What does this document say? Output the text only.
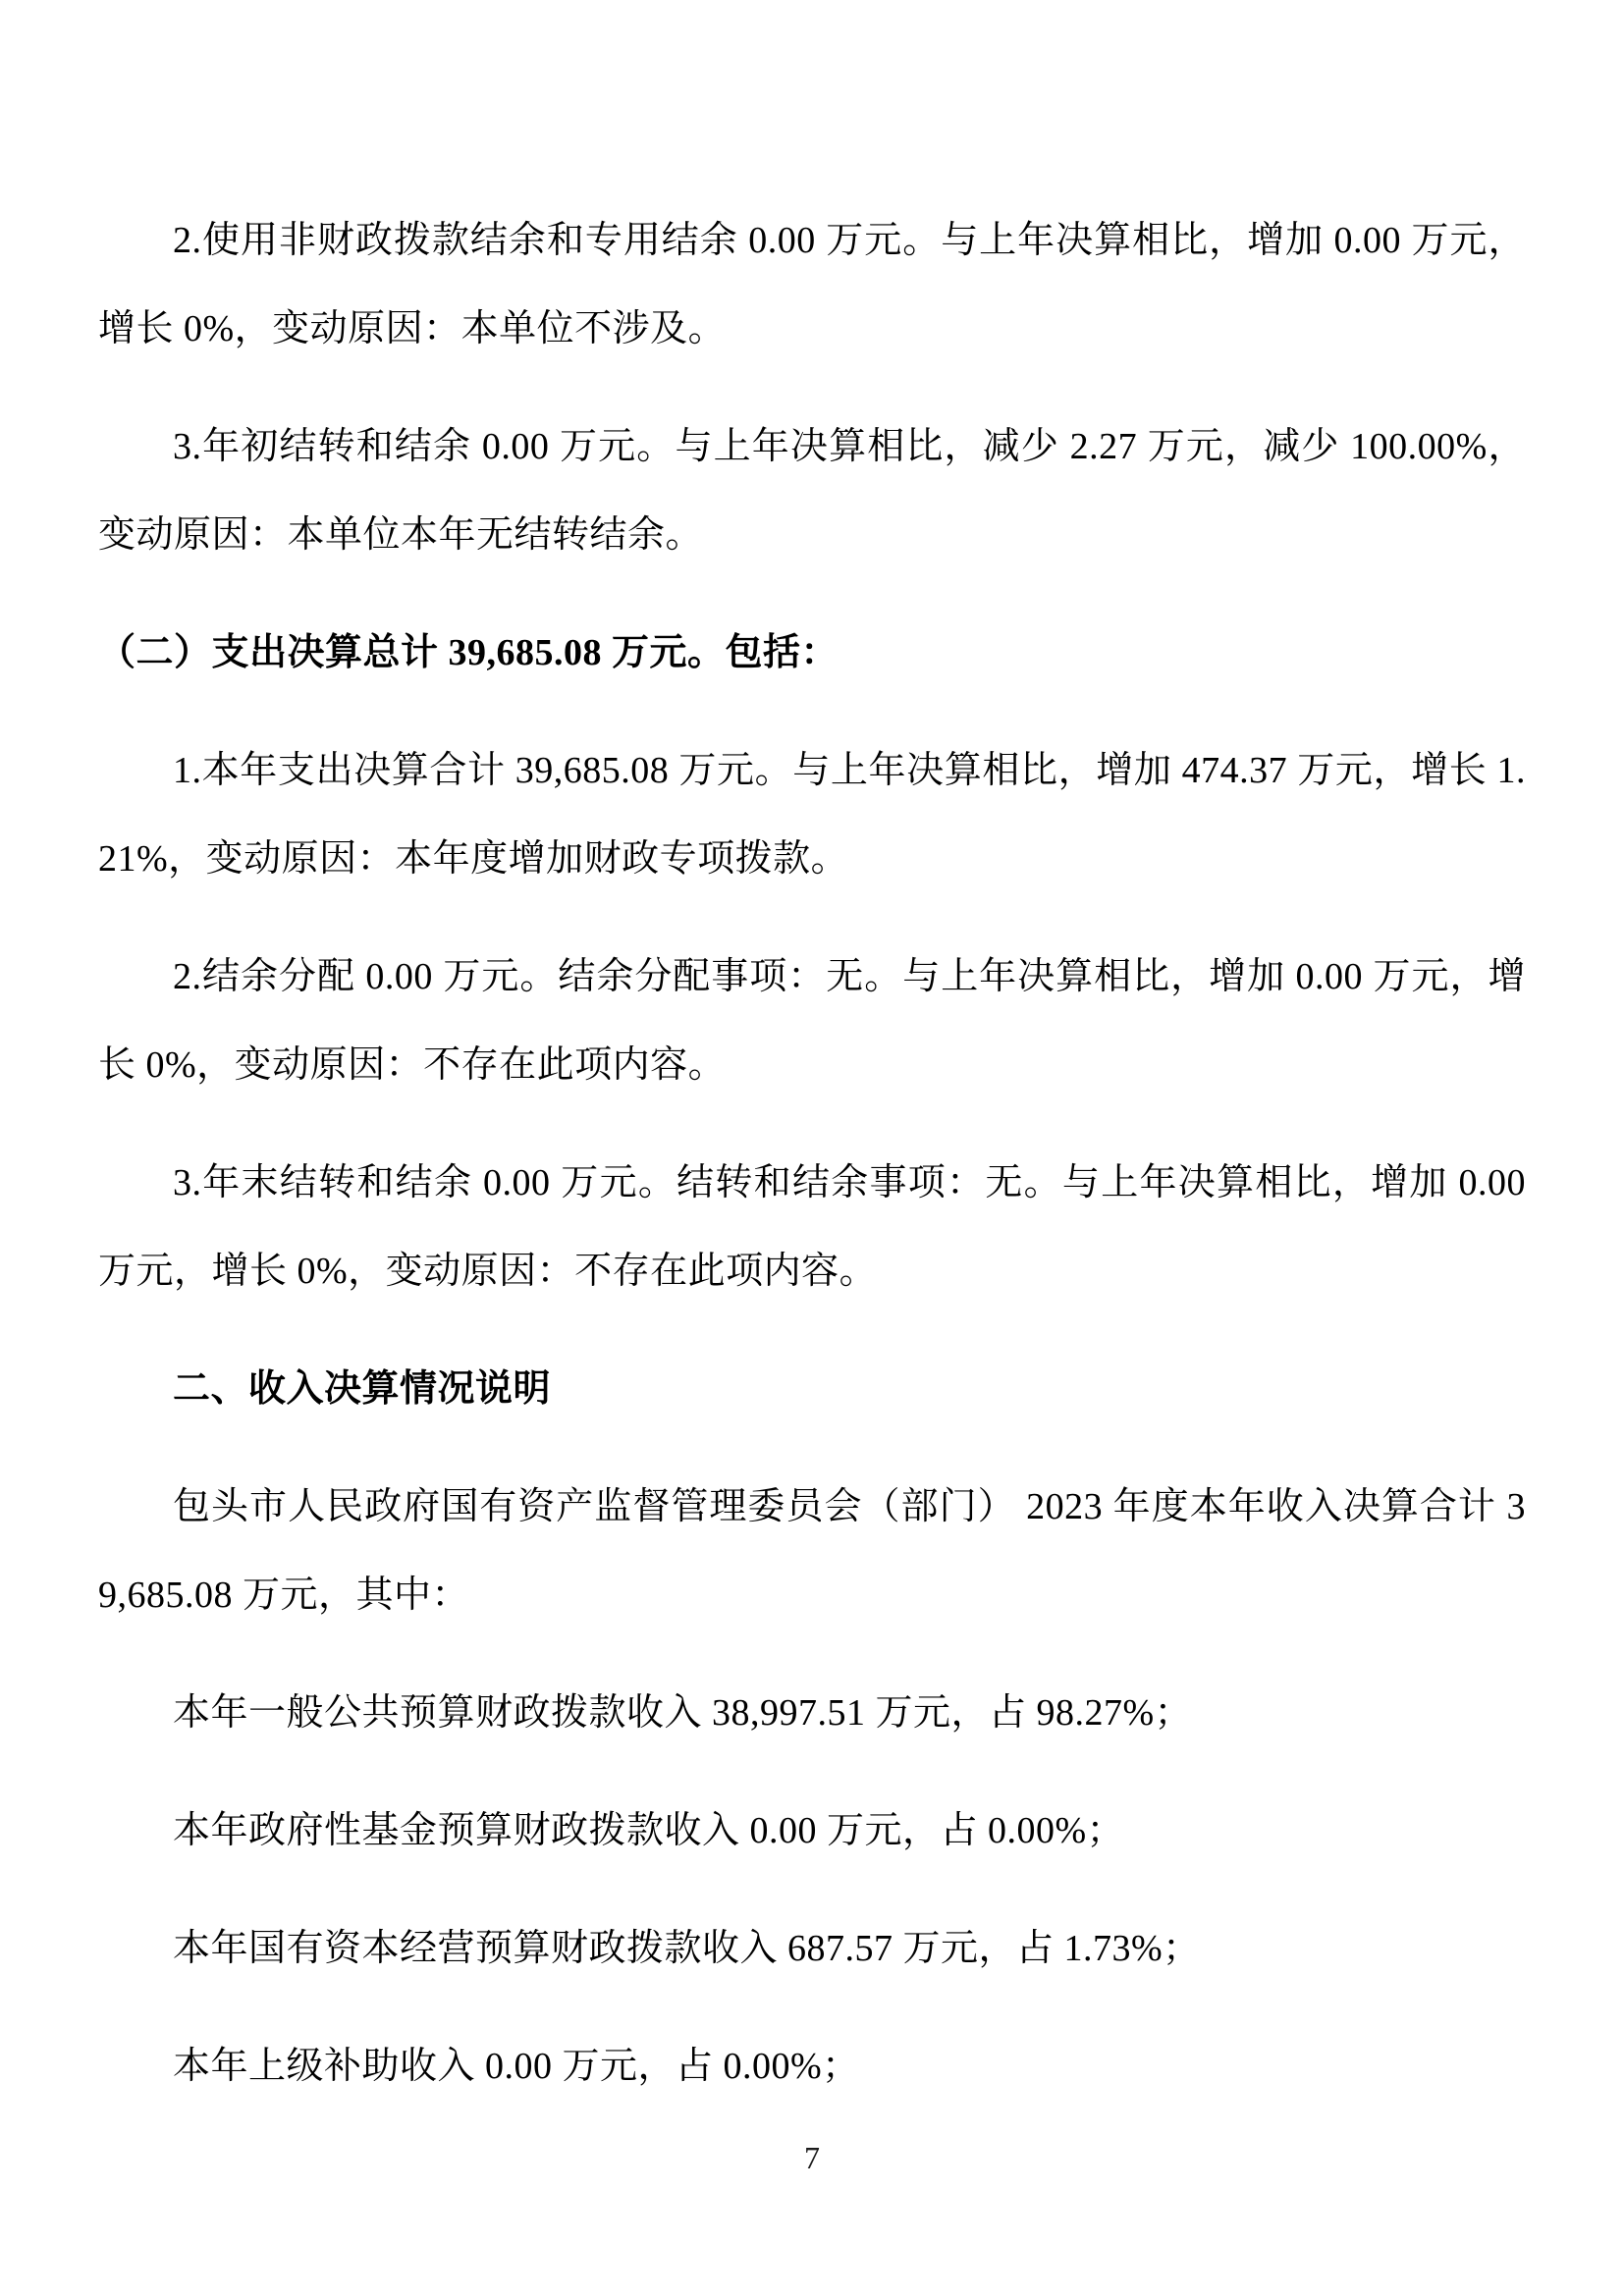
2.使用非财政拨款结余和专用结余 0.00 万元。与上年决算相比，增加 0.00 万元，增长 0%，变动原因：本单位不涉及。

3.年初结转和结余 0.00 万元。与上年决算相比，减少 2.27 万元，减少 100.00%，变动原因：本单位本年无结转结余。

（二）支出决算总计 39,685.08 万元。包括：

1.本年支出决算合计 39,685.08 万元。与上年决算相比，增加 474.37 万元，增长 1.21%，变动原因：本年度增加财政专项拨款。

2.结余分配 0.00 万元。结余分配事项：无。与上年决算相比，增加 0.00 万元，增长 0%，变动原因：不存在此项内容。

3.年末结转和结余 0.00 万元。结转和结余事项：无。与上年决算相比，增加 0.00 万元，增长 0%，变动原因：不存在此项内容。

二、收入决算情况说明

包头市人民政府国有资产监督管理委员会（部门） 2023 年度本年收入决算合计 39,685.08 万元，其中：

本年一般公共预算财政拨款收入 38,997.51 万元，占 98.27%；

本年政府性基金预算财政拨款收入 0.00 万元，占 0.00%；

本年国有资本经营预算财政拨款收入 687.57 万元，占 1.73%；

本年上级补助收入 0.00 万元，占 0.00%；

7
